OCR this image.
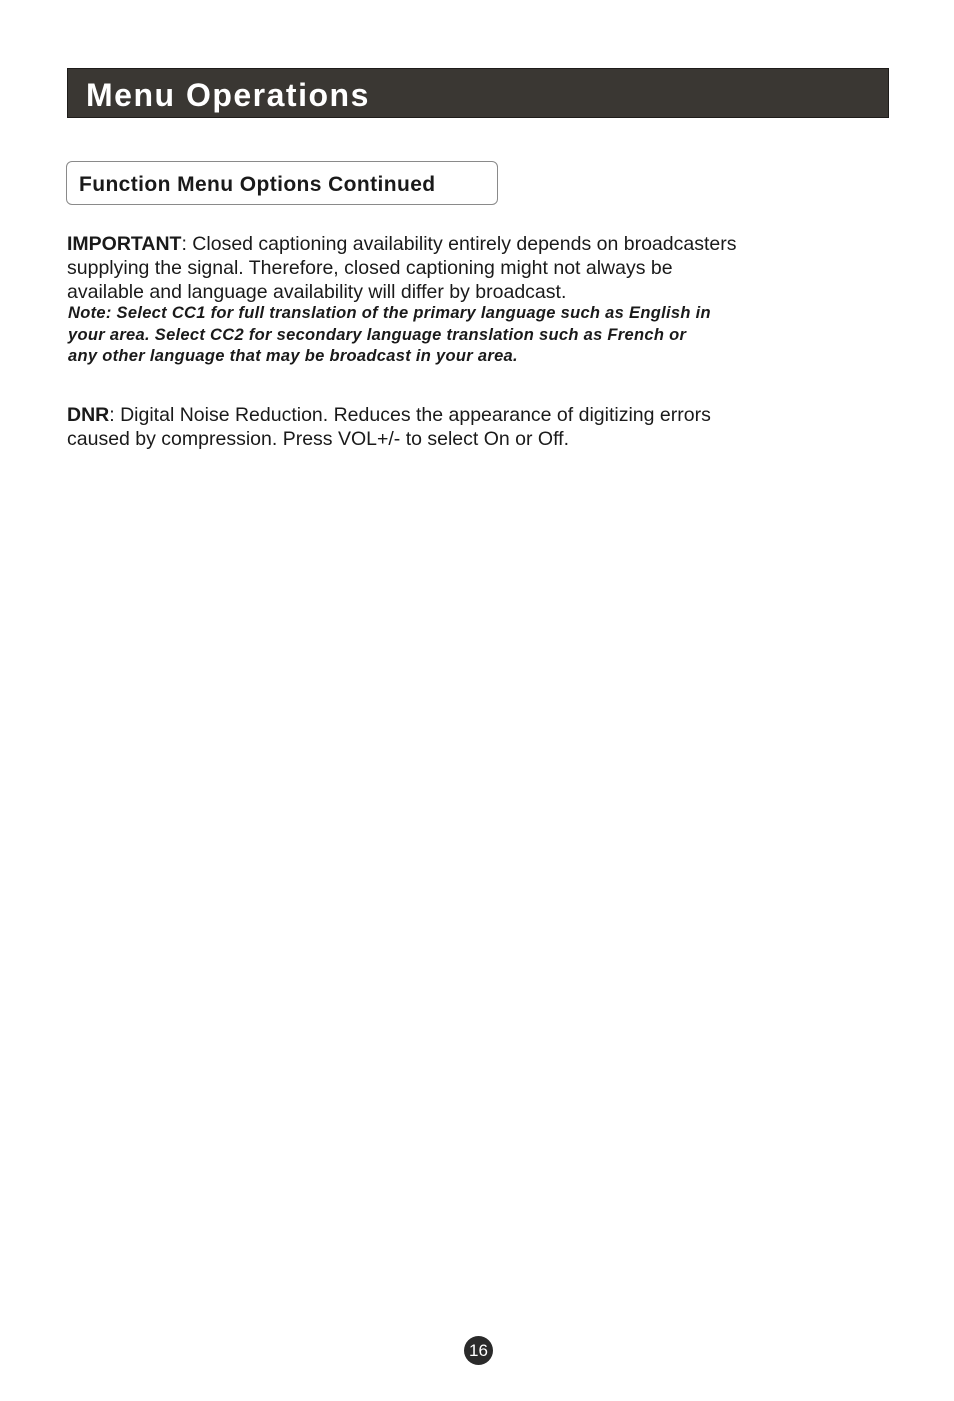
Menu Operations
Function Menu Options Continued

IMPORTANT: Closed captioning availability entirely depends on broadcasters
supplying the signal. Therefore, closed captioning might not always be
available and language availability will differ by broadcast.

Note: Select CC1 for full translation of the primary language such as English in
your area. Select CC2 for secondary language translation such as French or
any other language that may be broadcast in your area.

DNR: Digital Noise Reduction. Reduces the appearance of digitizing errors
caused by compression. Press VOL+/- to select On or Off.

16
